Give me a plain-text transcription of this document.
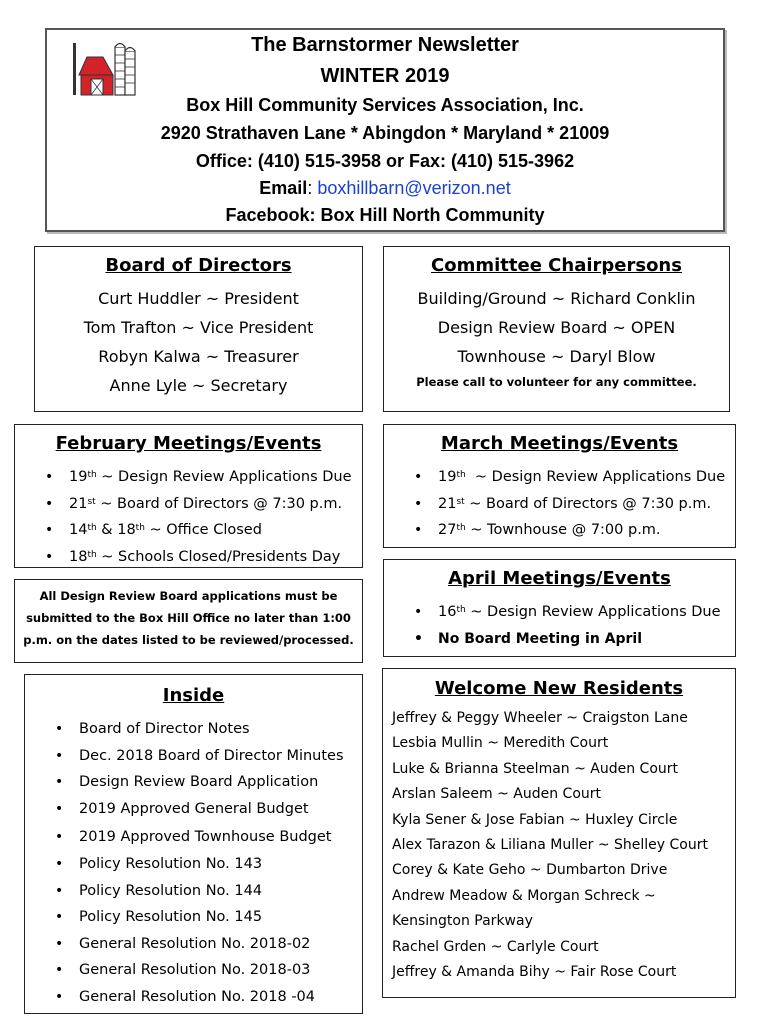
The Barnstormer Newsletter
WINTER 2019
Box Hill Community Services Association, Inc.
2920 Strathaven Lane * Abingdon * Maryland * 21009
Office: (410) 515-3958 or Fax: (410) 515-3962
Email: boxhillbarn@verizon.net
Facebook: Box Hill North Community
Board of Directors
Curt Huddler ~ President
Tom Trafton ~ Vice President
Robyn Kalwa ~ Treasurer
Anne Lyle ~ Secretary
Committee Chairpersons
Building/Ground ~ Richard Conklin
Design Review Board ~ OPEN
Townhouse ~ Daryl Blow
Please call to volunteer for any committee.
February Meetings/Events
• 19th ~ Design Review Applications Due
• 21st ~ Board of Directors @ 7:30 p.m.
• 14th & 18th ~ Office Closed
• 18th ~ Schools Closed/Presidents Day
March Meetings/Events
• 19th  ~ Design Review Applications Due
• 21st ~ Board of Directors @ 7:30 p.m.
• 27th ~ Townhouse @ 7:00 p.m.
All Design Review Board applications must be
submitted to the Box Hill Office no later than 1:00
p.m. on the dates listed to be reviewed/processed.
April Meetings/Events
• 16th ~ Design Review Applications Due
• No Board Meeting in April
Inside
• Board of Director Notes
• Dec. 2018 Board of Director Minutes
• Design Review Board Application
• 2019 Approved General Budget
• 2019 Approved Townhouse Budget
• Policy Resolution No. 143
• Policy Resolution No. 144
• Policy Resolution No. 145
• General Resolution No. 2018-02
• General Resolution No. 2018-03
• General Resolution No. 2018 -04
Welcome New Residents
Jeffrey & Peggy Wheeler ~ Craigston Lane
Lesbia Mullin ~ Meredith Court
Luke & Brianna Steelman ~ Auden Court
Arslan Saleem ~ Auden Court
Kyla Sener & Jose Fabian ~ Huxley Circle
Alex Tarazon & Liliana Muller ~ Shelley Court
Corey & Kate Geho ~ Dumbarton Drive
Andrew Meadow & Morgan Schreck ~
Kensington Parkway
Rachel Grden ~ Carlyle Court
Jeffrey & Amanda Bihy ~ Fair Rose Court
